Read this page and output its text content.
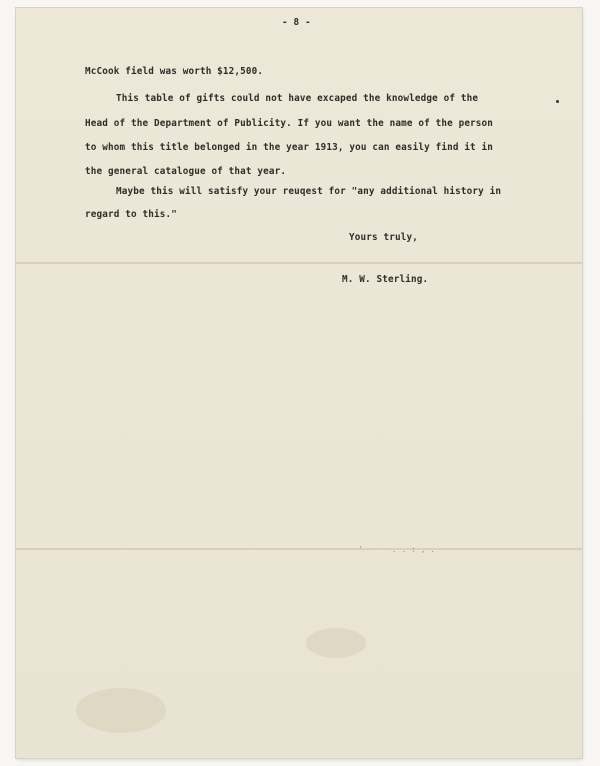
- 8 -

McCook field was worth $12,500.

This table of gifts could not have excaped the knowledge of the

Head of the Department of Publicity. If you want the name of the person

to whom this title belonged in the year 1913, you can easily find it in

the general catalogue of that year.

Maybe this will satisfy your reuqest for "any additional history in

regard to this."

Yours truly,

M. W. Sterling.

'      . . : , .
